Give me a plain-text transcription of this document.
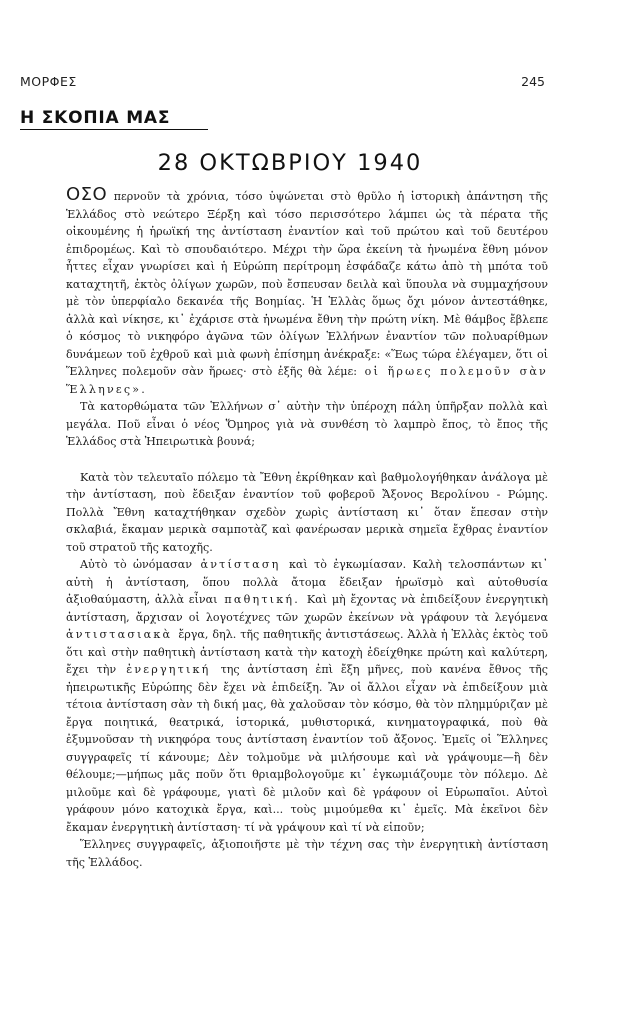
ΜΟΡΦΕΣ	245
Η ΣΚΟΠΙΑ ΜΑΣ
28 ΟΚΤΩΒΡΙΟΥ 1940

ΟΣΟ περνοῦν τὰ χρόνια, τόσο ὑψώνεται στὸ θρῦλο ἡ ἱστορικὴ ἀπάντηση τῆς Ἑλλάδος στὸ νεώτερο Ξέρξη καὶ τόσο περισσότερο λάμπει ὡς τὰ πέρατα τῆς οἰκουμένης ἡ ἡρωϊκή της ἀντίσταση ἐναντίον καὶ τοῦ πρώτου καὶ τοῦ δευτέρου ἐπιδρομέως. Καὶ τὸ σπουδαιότερο. Μέχρι τὴν ὥρα ἐκείνη τὰ ἡνωμένα ἔθνη μόνον ἧττες εἶχαν γνωρίσει καὶ ἡ Εὐρώπη περίτρομη ἐσφάδαζε κάτω ἀπὸ τὴ μπότα τοῦ καταχτητῆ, ἐκτὸς ὀλίγων χωρῶν, ποὺ ἔσπευσαν δειλὰ καὶ ὕπουλα νὰ συμμαχήσουν μὲ τὸν ὑπερφίαλο δεκανέα τῆς Βοημίας. Ἡ Ἑλλὰς ὅμως ὄχι μόνον ἀντεστάθηκε, ἀλλὰ καὶ νίκησε, κι᾿ ἐχάρισε στὰ ἡνωμένα ἔθνη τὴν πρώτη νίκη. Μὲ θάμβος ἔβλεπε ὁ κόσμος τὸ νικηφόρο ἀγῶνα τῶν ὀλίγων Ἑλλήνων ἐναντίον τῶν πολυαρίθμων δυνάμεων τοῦ ἐχθροῦ καὶ μιὰ φωνὴ ἐπίσημη ἀνέκραξε: «Ἕως τώρα ἐλέγαμεν, ὅτι οἱ Ἕλληνες πολεμοῦν σὰν ἥρωες· στὸ ἑξῆς θὰ λέμε: οἱ ἥρωες πολεμοῦν σὰν Ἕλληνες».

Τὰ κατορθώματα τῶν Ἑλλήνων σ᾿ αὐτὴν τὴν ὑπέροχη πάλη ὑπῆρξαν πολλὰ καὶ μεγάλα. Ποῦ εἶναι ὁ νέος Ὅμηρος γιὰ νὰ συνθέση τὸ λαμπρὸ ἔπος, τὸ ἔπος τῆς Ἑλλάδος στὰ Ἠπειρωτικὰ βουνά;

Κατὰ τὸν τελευταῖο πόλεμο τὰ Ἔθνη ἐκρίθηκαν καὶ βαθμολογήθηκαν ἀνάλογα μὲ τὴν ἀντίσταση, ποὺ ἔδειξαν ἐναντίον τοῦ φοβεροῦ Ἄξονος Βερολίνου - Ρώμης. Πολλὰ Ἔθνη καταχτήθηκαν σχεδὸν χωρὶς ἀντίσταση κι᾿ ὅταν ἔπεσαν στὴν σκλαβιά, ἔκαμαν μερικὰ σαμποτὰζ καὶ φανέρωσαν μερικὰ σημεῖα ἔχθρας ἐναντίον τοῦ στρατοῦ τῆς κατοχῆς.

Αὐτὸ τὸ ὠνόμασαν ἀντίσταση καὶ τὸ ἐγκωμίασαν. Καλὴ τελοσπάντων κι᾿ αὐτὴ ἡ ἀντίσταση, ὅπου πολλὰ ἄτομα ἔδειξαν ἡρωϊσμὸ καὶ αὐτοθυσία ἀξιοθαύμαστη, ἀλλὰ εἶναι παθητική. Καὶ μὴ ἔχοντας νὰ ἐπιδείξουν ἐνεργητικὴ ἀντίσταση, ἄρχισαν οἱ λογοτέχνες τῶν χωρῶν ἐκείνων νὰ γράφουν τὰ λεγόμενα ἀντιστασιακὰ ἔργα, δηλ. τῆς παθητικῆς ἀντιστάσεως. Ἀλλὰ ἡ Ἑλλὰς ἐκτὸς τοῦ ὅτι καὶ στὴν παθητικὴ ἀντίσταση κατὰ τὴν κατοχὴ ἐδείχθηκε πρώτη καὶ καλύτερη, ἔχει τὴν ἐνεργητική της ἀντίσταση ἐπὶ ἔξη μῆνες, ποὺ κανένα ἔθνος τῆς ἠπειρωτικῆς Εὐρώπης δὲν ἔχει νὰ ἐπιδείξη. Ἂν οἱ ἄλλοι εἶχαν νὰ ἐπιδείξουν μιὰ τέτοια ἀντίσταση σὰν τὴ δική μας, θὰ χαλοῦσαν τὸν κόσμο, θὰ τὸν πλημμύριζαν μὲ ἔργα ποιητικά, θεατρικά, ἱστορικά, μυθιστορικά, κινηματογραφικά, ποὺ θὰ ἐξυμνοῦσαν τὴ νικηφόρα τους ἀντίσταση ἐναντίον τοῦ ἄξονος. Ἐμεῖς οἱ Ἕλληνες συγγραφεῖς τί κάνουμε; Δὲν τολμοῦμε νὰ μιλήσουμε καὶ νὰ γράψουμε—ἢ δὲν θέλουμε;—μήπως μᾶς ποῦν ὅτι θριαμβολογοῦμε κι᾿ ἐγκωμιάζουμε τὸν πόλεμο. Δὲ μιλοῦμε καὶ δὲ γράφουμε, γιατὶ δὲ μιλοῦν καὶ δὲ γράφουν οἱ Εὐρωπαῖοι. Αὐτοὶ γράφουν μόνο κατοχικὰ ἔργα, καὶ... τοὺς μιμούμεθα κι᾿ ἐμεῖς. Μὰ ἐκεῖνοι δὲν ἔκαμαν ἐνεργητικὴ ἀντίσταση· τί νὰ γράψουν καὶ τί νὰ εἰποῦν;

Ἕλληνες συγγραφεῖς, ἀξιοποιῆστε μὲ τὴν τέχνη σας τὴν ἐνεργητικὴ ἀντίσταση τῆς Ἑλλάδος.
